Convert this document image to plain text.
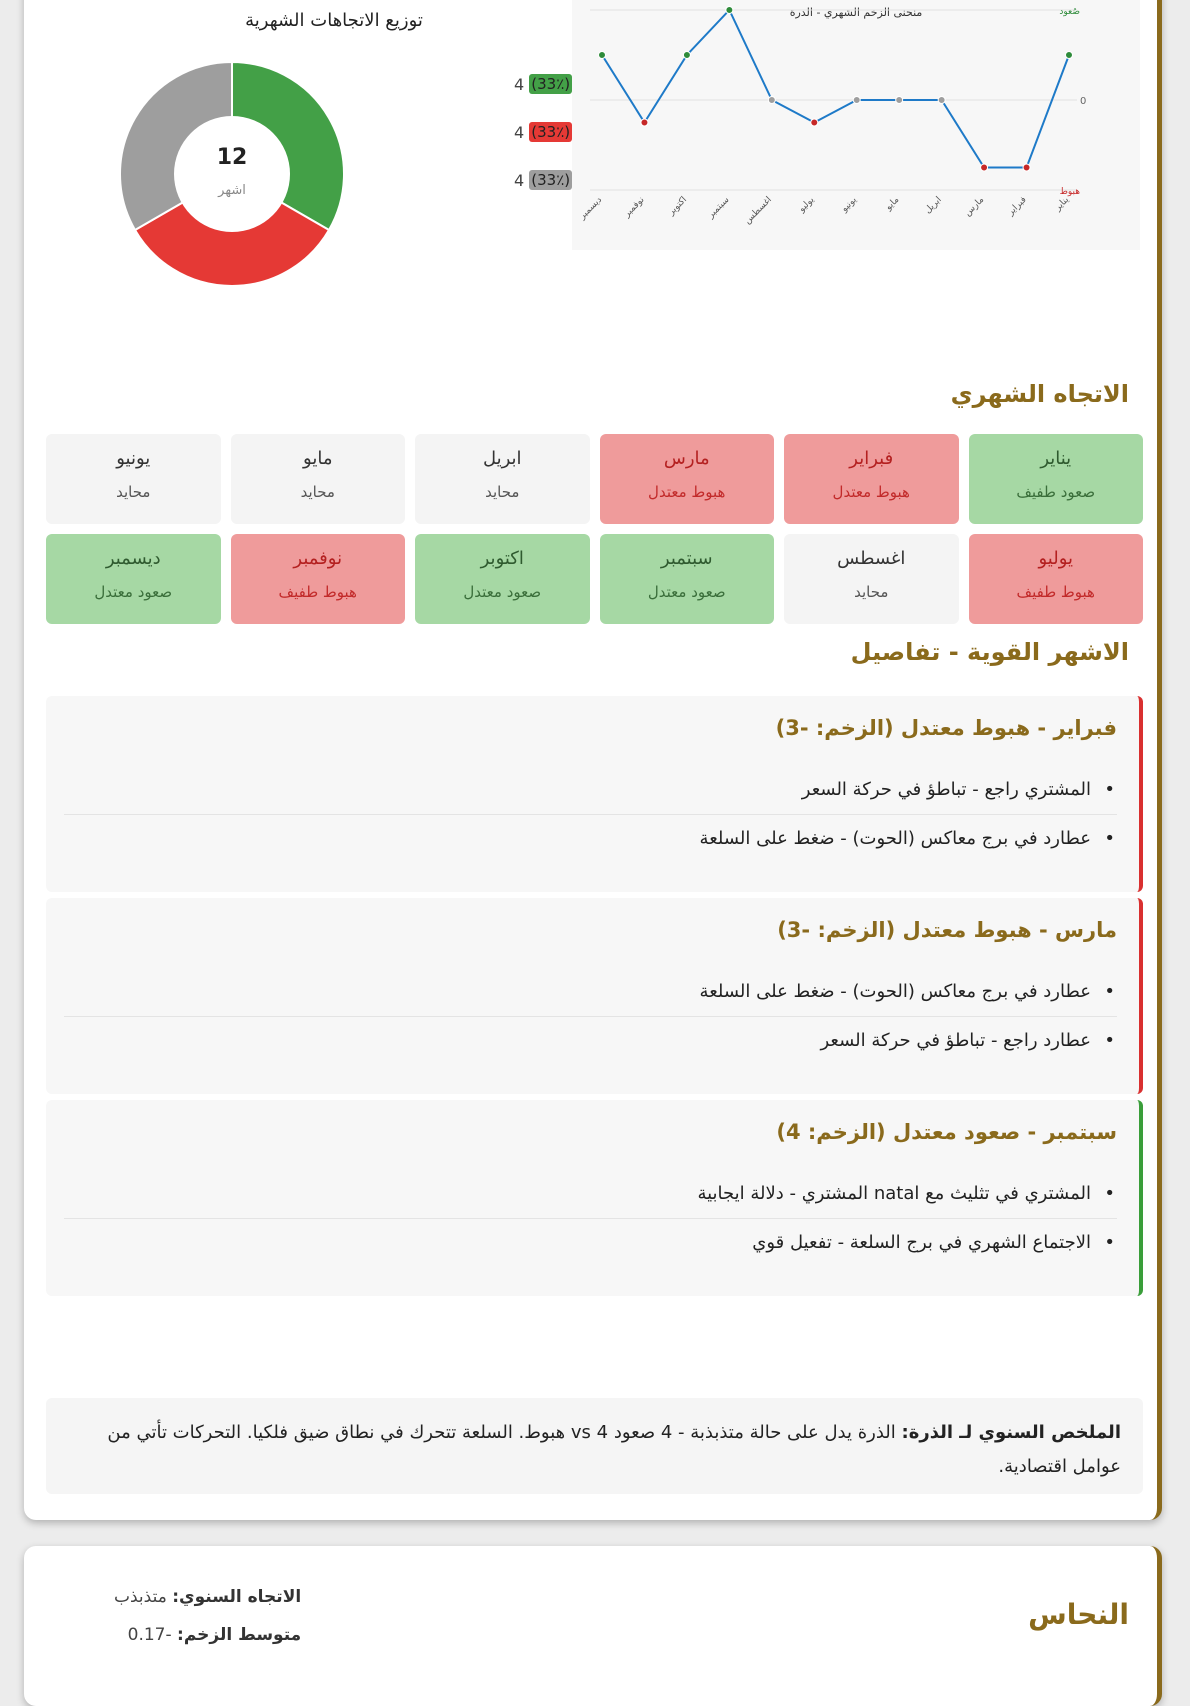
توزيع الاتجاهات الشهرية
12
اشهر
4
(33٪)
4
(33٪)
4
(33٪)
منحنى الزخم الشهري - الذرة
0
صُعود
هبوط
يناير
فبراير
مارس
ابريل
مايو
يونيو
يوليو
اغسطس
سبتمبر
اكتوبر
نوفمبر
ديسمبر
الاتجاه الشهري
يناير
صعود طفيف
فبراير
هبوط معتدل
مارس
هبوط معتدل
ابريل
محايد
مايو
محايد
يونيو
محايد
يوليو
هبوط طفيف
اغسطس
محايد
سبتمبر
صعود معتدل
اكتوبر
صعود معتدل
نوفمبر
هبوط طفيف
ديسمبر
صعود معتدل
الاشهر القوية - تفاصيل
فبراير - هبوط معتدل (الزخم: -3)
• المشتري راجع - تباطؤ في حركة السعر
• عطارد في برج معاكس (الحوت) - ضغط على السلعة
مارس - هبوط معتدل (الزخم: -3)
• عطارد في برج معاكس (الحوت) - ضغط على السلعة
• عطارد راجع - تباطؤ في حركة السعر
سبتمبر - صعود معتدل (الزخم: 4)
• المشتري في تثليث مع natal المشتري - دلالة ايجابية
• الاجتماع الشهري في برج السلعة - تفعيل قوي
الملخص السنوي لـ الذرة: الذرة يدل على حالة متذبذبة - 4 صعود vs 4 هبوط. السلعة تتحرك في نطاق ضيق فلكيا. التحركات تأتي من عوامل اقتصادية.
النحاس
الاتجاه السنوي: متذبذب
متوسط الزخم: -0.17
